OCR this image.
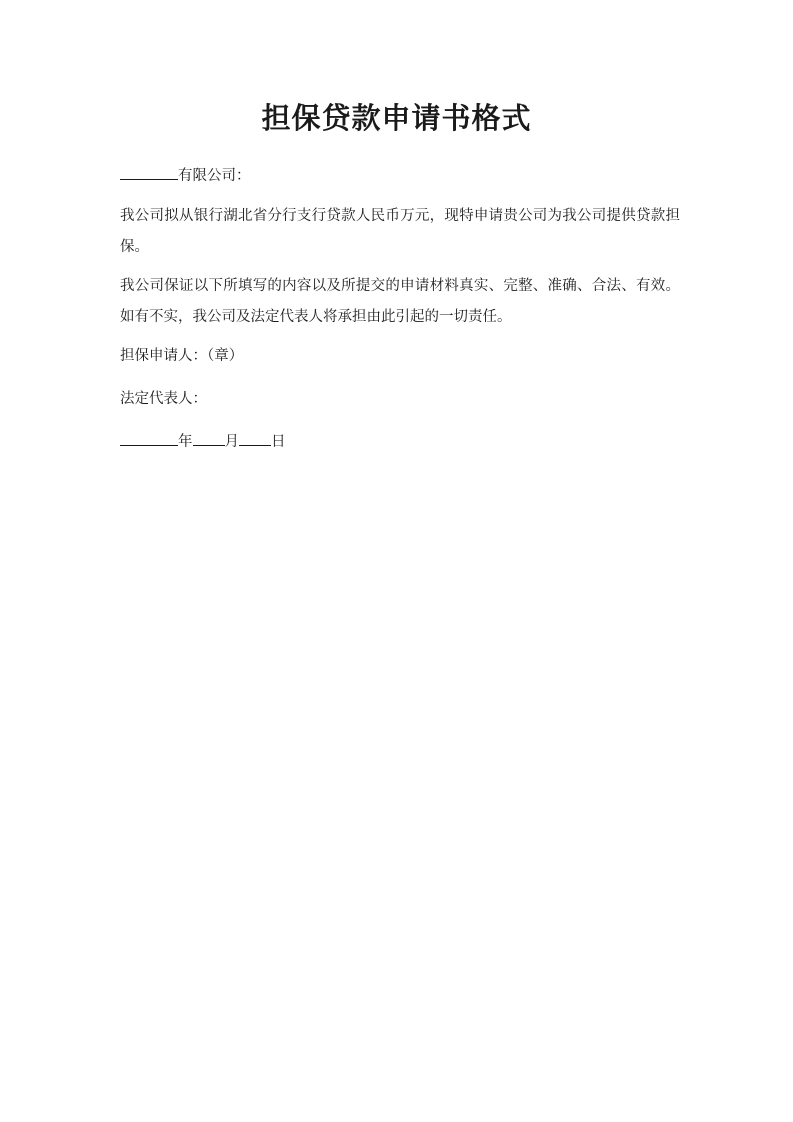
担保贷款申请书格式

有限公司：

我公司拟从银行湖北省分行支行贷款人民币万元，现特申请贵公司为我公司提供贷款担保。

我公司保证以下所填写的内容以及所提交的申请材料真实、完整、准确、合法、有效。如有不实，我公司及法定代表人将承担由此引起的一切责任。

担保申请人：（章）

法定代表人：

年 月 日
